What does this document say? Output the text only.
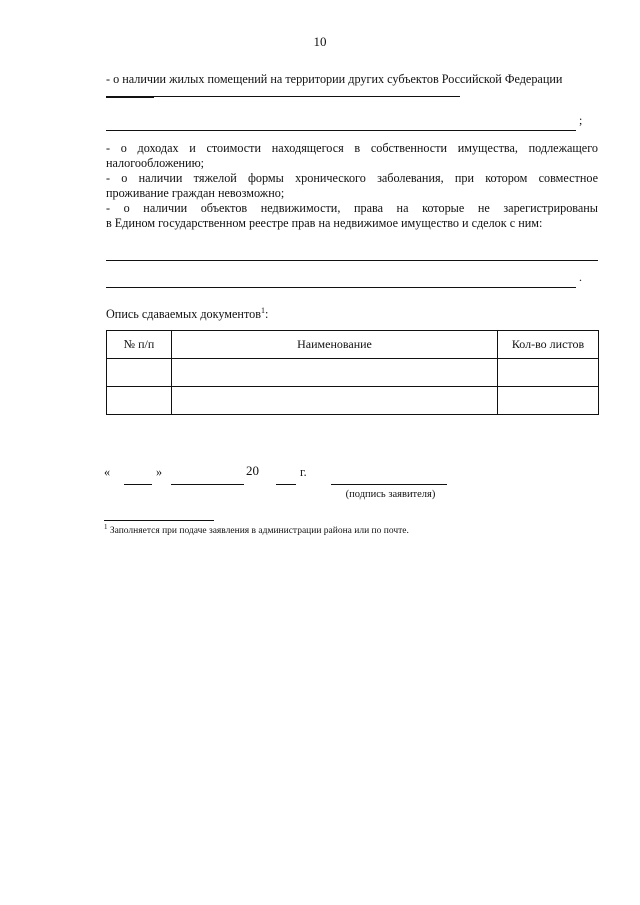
10
- о наличии жилых помещений на территории других субъектов Российской Федерации
;
- о доходах и стоимости находящегося в собственности имущества, подлежащего
налогообложению;
- о наличии тяжелой формы хронического заболевания, при котором совместное
проживание граждан невозможно;
- о наличии объектов недвижимости, права на которые не зарегистрированы
в Едином государственном реестре прав на недвижимое имущество и сделок с ним:
.
Опись сдаваемых документов$^1$:
№ п/п	Наименование	Кол-во листов

«	»	20	г.
(подпись заявителя)
$^1$ Заполняется при подаче заявления в администрации района или по почте.
